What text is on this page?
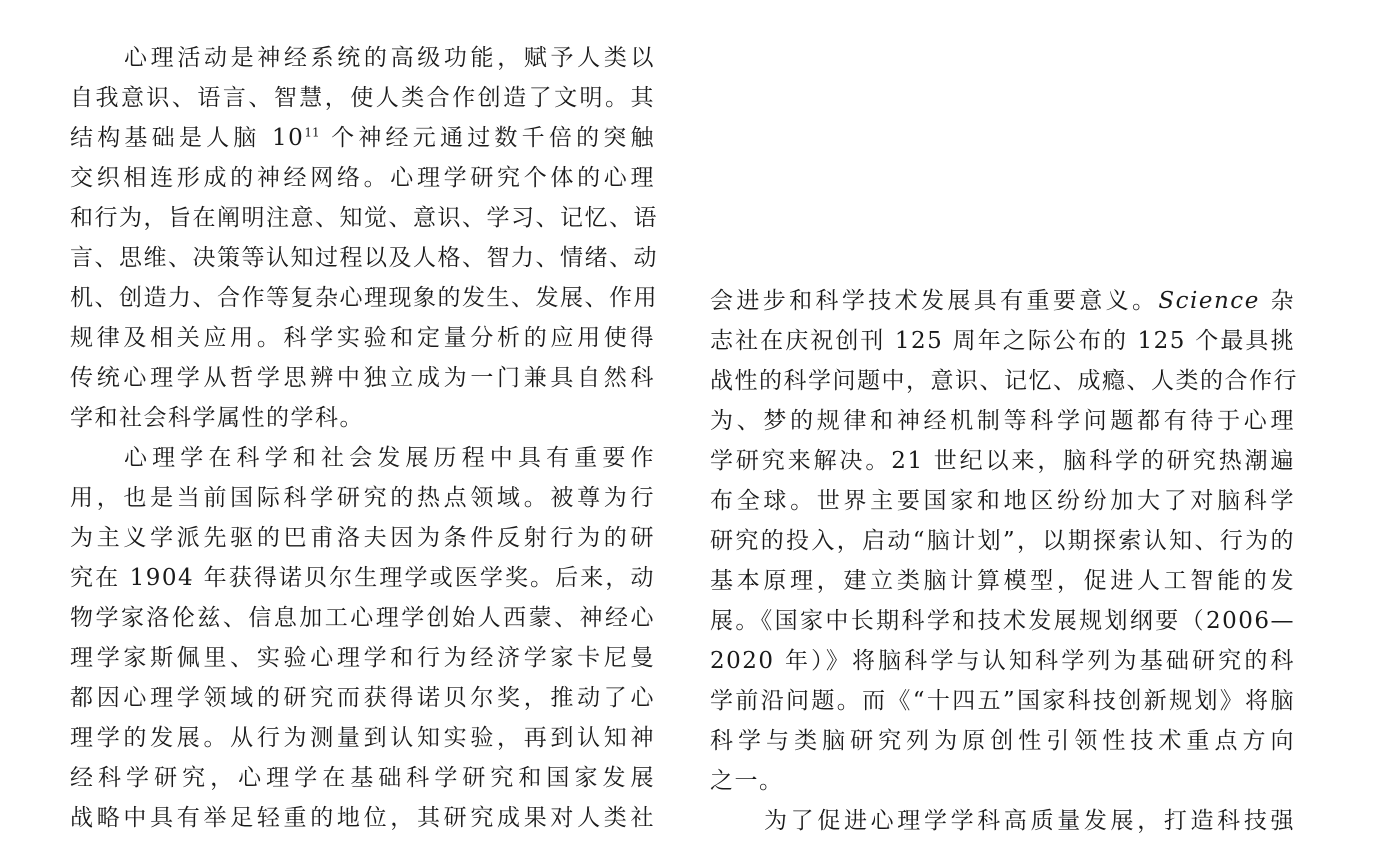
心理活动是神经系统的高级功能，赋予人类以
自我意识、语言、智慧，使人类合作创造了文明。其
结构基础是人脑 $10^{11}$ 个神经元通过数千倍的突触
交织相连形成的神经网络。心理学研究个体的心理
和行为，旨在阐明注意、知觉、意识、学习、记忆、语
言、思维、决策等认知过程以及人格、智力、情绪、动
机、创造力、合作等复杂心理现象的发生、发展、作用
规律及相关应用。科学实验和定量分析的应用使得
传统心理学从哲学思辨中独立成为一门兼具自然科
学和社会科学属性的学科。
心理学在科学和社会发展历程中具有重要作
用，也是当前国际科学研究的热点领域。被尊为行
为主义学派先驱的巴甫洛夫因为条件反射行为的研
究在 1904 年获得诺贝尔生理学或医学奖。后来，动
物学家洛伦兹、信息加工心理学创始人西蒙、神经心
理学家斯佩里、实验心理学和行为经济学家卡尼曼
都因心理学领域的研究而获得诺贝尔奖，推动了心
理学的发展。从行为测量到认知实验，再到认知神
经科学研究，心理学在基础科学研究和国家发展
战略中具有举足轻重的地位，其研究成果对人类社
会进步和科学技术发展具有重要意义。Science 杂
志社在庆祝创刊 125 周年之际公布的 125 个最具挑
战性的科学问题中，意识、记忆、成瘾、人类的合作行
为、梦的规律和神经机制等科学问题都有待于心理
学研究来解决。21 世纪以来，脑科学的研究热潮遍
布全球。世界主要国家和地区纷纷加大了对脑科学
研究的投入，启动“脑计划”，以期探索认知、行为的
基本原理，建立类脑计算模型，促进人工智能的发
展。《国家中长期科学和技术发展规划纲要（2006—
2020 年）》将脑科学与认知科学列为基础研究的科
学前沿问题。而《“十四五”国家科技创新规划》将脑
科学与类脑研究列为原创性引领性技术重点方向
之一。
为了促进心理学学科高质量发展，打造科技强
